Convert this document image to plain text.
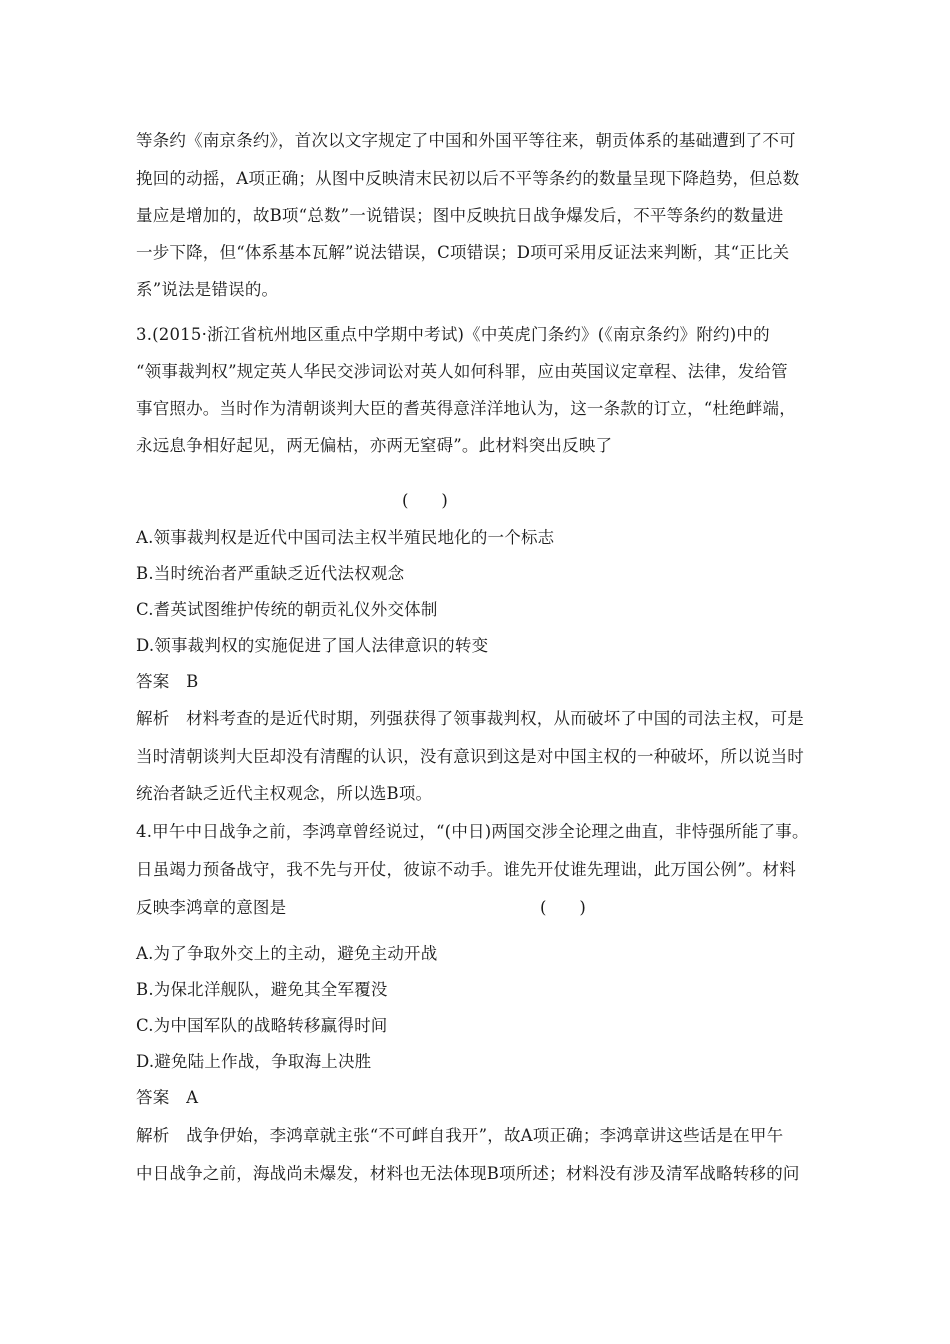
等条约《南京条约》，首次以文字规定了中国和外国平等往来，朝贡体系的基础遭到了不可
挽回的动摇，A项正确；从图中反映清末民初以后不平等条约的数量呈现下降趋势，但总数
量应是增加的，故B项“总数”一说错误；图中反映抗日战争爆发后，不平等条约的数量进
一步下降，但“体系基本瓦解”说法错误，C项错误；D项可采用反证法来判断，其“正比关
系”说法是错误的。
3.(2015·浙江省杭州地区重点中学期中考试)《中英虎门条约》(《南京条约》附约)中的
“领事裁判权”规定英人华民交涉词讼对英人如何科罪，应由英国议定章程、法律，发给管
事官照办。当时作为清朝谈判大臣的耆英得意洋洋地认为，这一条款的订立，“杜绝衅端，
永远息争相好起见，两无偏枯，亦两无窒碍”。此材料突出反映了
(　　)
A.领事裁判权是近代中国司法主权半殖民地化的一个标志
B.当时统治者严重缺乏近代法权观念
C.耆英试图维护传统的朝贡礼仪外交体制
D.领事裁判权的实施促进了国人法律意识的转变
答案　B
解析　材料考查的是近代时期，列强获得了领事裁判权，从而破坏了中国的司法主权，可是
当时清朝谈判大臣却没有清醒的认识，没有意识到这是对中国主权的一种破坏，所以说当时
统治者缺乏近代主权观念，所以选B项。
4.甲午中日战争之前，李鸿章曾经说过，“(中日)两国交涉全论理之曲直，非恃强所能了事。
日虽竭力预备战守，我不先与开仗，彼谅不动手。谁先开仗谁先理诎，此万国公例”。材料
反映李鸿章的意图是	(　　)
A.为了争取外交上的主动，避免主动开战
B.为保北洋舰队，避免其全军覆没
C.为中国军队的战略转移赢得时间
D.避免陆上作战，争取海上决胜
答案　A
解析　战争伊始，李鸿章就主张“不可衅自我开”，故A项正确；李鸿章讲这些话是在甲午
中日战争之前，海战尚未爆发，材料也无法体现B项所述；材料没有涉及清军战略转移的问
